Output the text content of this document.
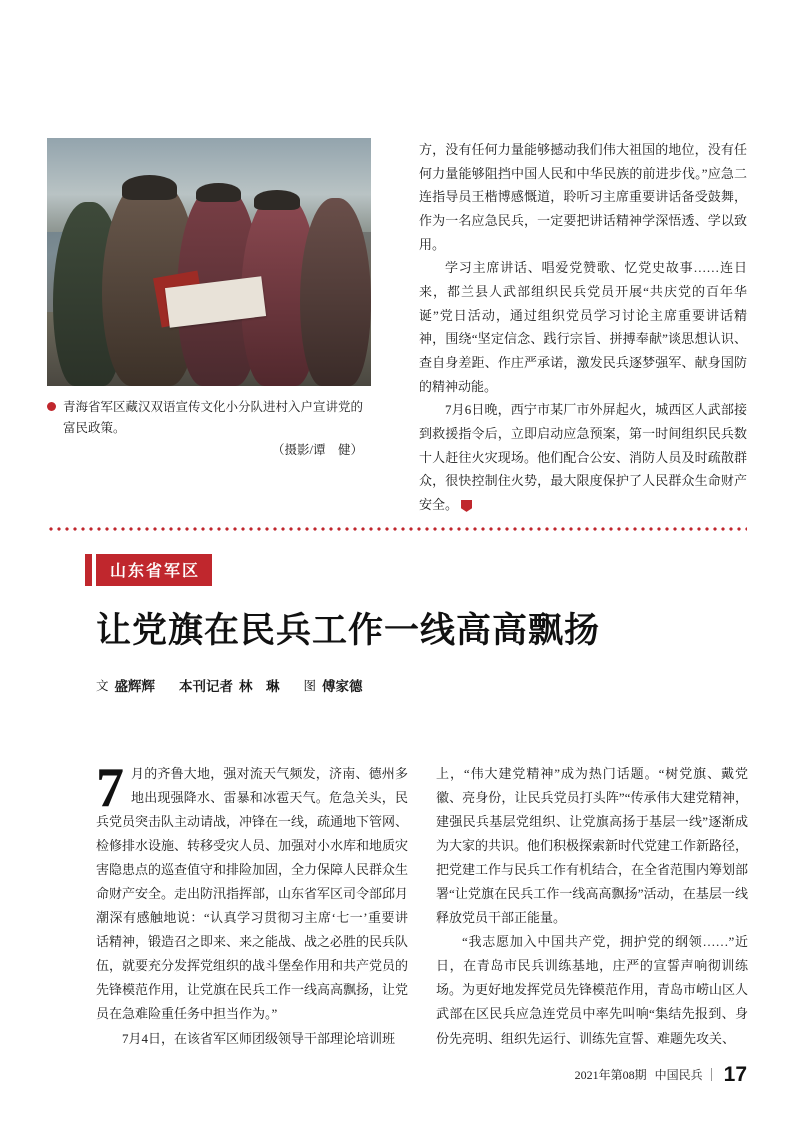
青海省军区藏汉双语宣传文化小分队进村入户宣讲党的富民政策。
（摄影/谭　健）

方，没有任何力量能够撼动我们伟大祖国的地位，没有任何力量能够阻挡中国人民和中华民族的前进步伐。”应急二连指导员王楷博感慨道，聆听习主席重要讲话备受鼓舞，作为一名应急民兵，一定要把讲话精神学深悟透、学以致用。

学习主席讲话、唱爱党赞歌、忆党史故事……连日来，都兰县人武部组织民兵党员开展“共庆党的百年华诞”党日活动，通过组织党员学习讨论主席重要讲话精神，围绕“坚定信念、践行宗旨、拼搏奉献”谈思想认识、查自身差距、作庄严承诺，激发民兵逐梦强军、献身国防的精神动能。

7月6日晚，西宁市某厂市外屏起火，城西区人武部接到救援指令后，立即启动应急预案，第一时间组织民兵数十人赶往火灾现场。他们配合公安、消防人员及时疏散群众，很快控制住火势，最大限度保护了人民群众生命财产安全。

山东省军区
让党旗在民兵工作一线高高飘扬
文 盛辉辉 本刊记者 林　琳 图 傅家德

7 月的齐鲁大地，强对流天气频发，济南、德州多地出现强降水、雷暴和冰雹天气。危急关头，民兵党员突击队主动请战，冲锋在一线，疏通地下管网、检修排水设施、转移受灾人员、加强对小水库和地质灾害隐患点的巡查值守和排险加固，全力保障人民群众生命财产安全。走出防汛指挥部，山东省军区司令部邱月潮深有感触地说：“认真学习贯彻习主席‘七一’重要讲话精神，锻造召之即来、来之能战、战之必胜的民兵队伍，就要充分发挥党组织的战斗堡垒作用和共产党员的先锋模范作用，让党旗在民兵工作一线高高飘扬，让党员在急难险重任务中担当作为。”

7月4日，在该省军区师团级领导干部理论培训班

上，“伟大建党精神”成为热门话题。“树党旗、戴党徽、亮身份，让民兵党员打头阵”“传承伟大建党精神，建强民兵基层党组织、让党旗高扬于基层一线”逐渐成为大家的共识。他们积极探索新时代党建工作新路径，把党建工作与民兵工作有机结合，在全省范围内筹划部署“让党旗在民兵工作一线高高飘扬”活动，在基层一线释放党员干部正能量。

“我志愿加入中国共产党，拥护党的纲领……”近日，在青岛市民兵训练基地，庄严的宣誓声响彻训练场。为更好地发挥党员先锋模范作用，青岛市崂山区人武部在区民兵应急连党员中率先叫响“集结先报到、身份先亮明、组织先运行、训练先宣誓、难题先攻关、

2021年第08期 中国民兵 17
